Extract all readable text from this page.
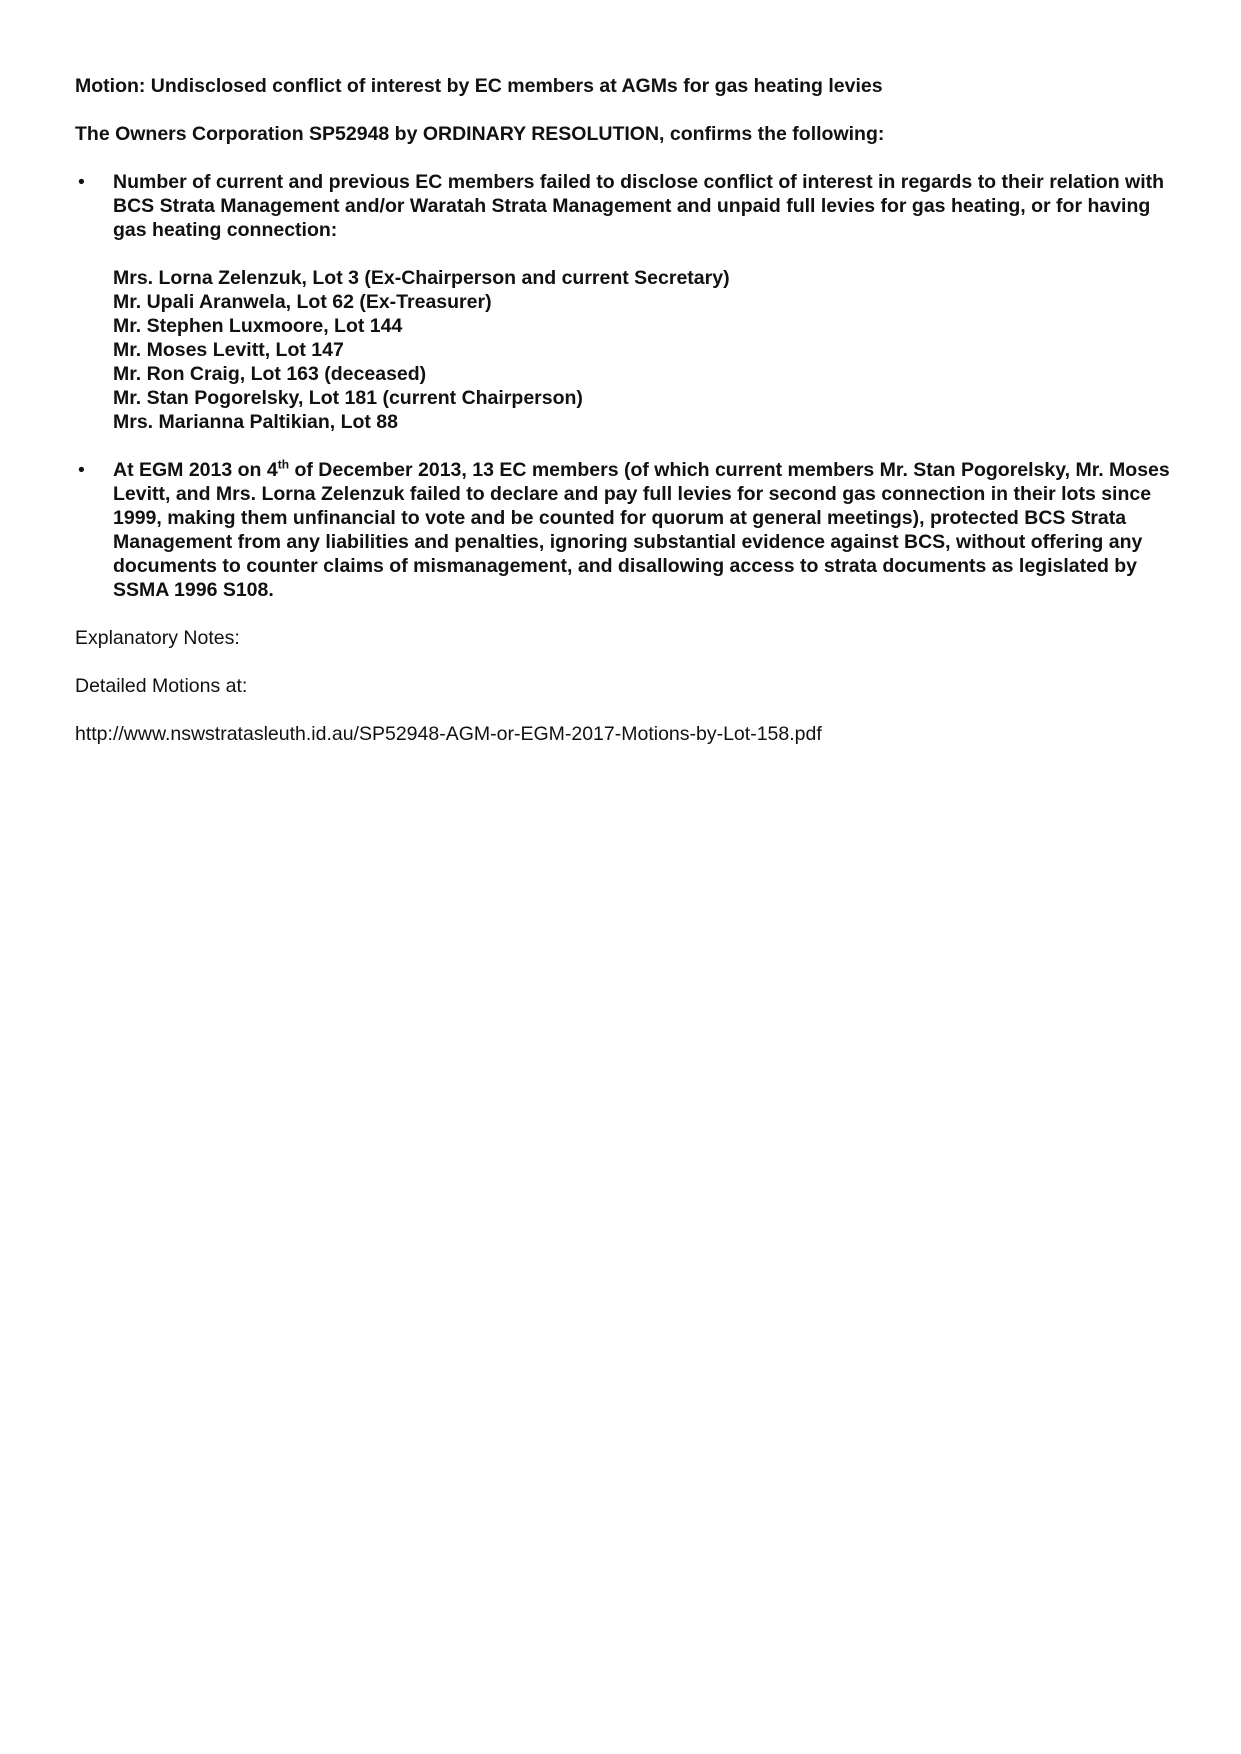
Motion: Undisclosed conflict of interest by EC members at AGMs for gas heating levies

The Owners Corporation SP52948 by ORDINARY RESOLUTION, confirms the following:

• Number of current and previous EC members failed to disclose conflict of interest in regards to their relation with BCS Strata Management and/or Waratah Strata Management and unpaid full levies for gas heating, or for having gas heating connection:
Mrs. Lorna Zelenzuk, Lot 3 (Ex-Chairperson and current Secretary)
Mr. Upali Aranwela, Lot 62 (Ex-Treasurer)
Mr. Stephen Luxmoore, Lot 144
Mr. Moses Levitt, Lot 147
Mr. Ron Craig, Lot 163 (deceased)
Mr. Stan Pogorelsky, Lot 181 (current Chairperson)
Mrs. Marianna Paltikian, Lot 88
• At EGM 2013 on 4th of December 2013, 13 EC members (of which current members Mr. Stan Pogorelsky, Mr. Moses Levitt, and Mrs. Lorna Zelenzuk failed to declare and pay full levies for second gas connection in their lots since 1999, making them unfinancial to vote and be counted for quorum at general meetings), protected BCS Strata Management from any liabilities and penalties, ignoring substantial evidence against BCS, without offering any documents to counter claims of mismanagement, and disallowing access to strata documents as legislated by SSMA 1996 S108.

Explanatory Notes:

Detailed Motions at:

http://www.nswstratasleuth.id.au/SP52948-AGM-or-EGM-2017-Motions-by-Lot-158.pdf
